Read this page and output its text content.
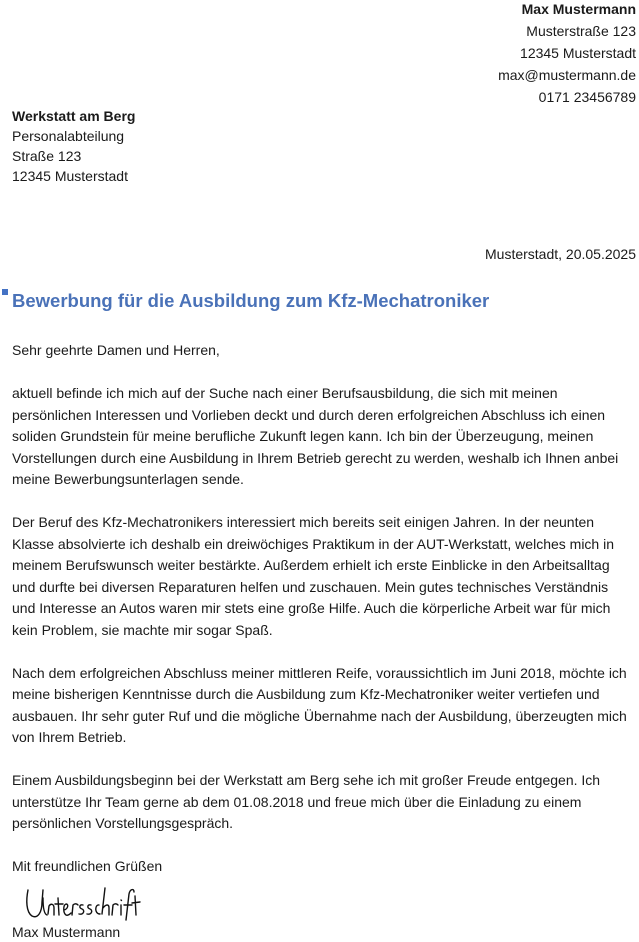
Max Mustermann
Musterstraße 123
12345 Musterstadt
max@mustermann.de
0171 23456789
Werkstatt am Berg
Personalabteilung
Straße 123
12345 Musterstadt
Musterstadt, 20.05.2025
Bewerbung für die Ausbildung zum Kfz-Mechatroniker

Sehr geehrte Damen und Herren,

aktuell befinde ich mich auf der Suche nach einer Berufsausbildung, die sich mit meinen persönlichen Interessen und Vorlieben deckt und durch deren erfolgreichen Abschluss ich einen soliden Grundstein für meine berufliche Zukunft legen kann. Ich bin der Überzeugung, meinen Vorstellungen durch eine Ausbildung in Ihrem Betrieb gerecht zu werden, weshalb ich Ihnen anbei meine Bewerbungsunterlagen sende.

Der Beruf des Kfz-Mechatronikers interessiert mich bereits seit einigen Jahren. In der neunten Klasse absolvierte ich deshalb ein dreiwöchiges Praktikum in der AUT-Werkstatt, welches mich in meinem Berufswunsch weiter bestärkte. Außerdem erhielt ich erste Einblicke in den Arbeitsalltag und durfte bei diversen Reparaturen helfen und zuschauen. Mein gutes technisches Verständnis und Interesse an Autos waren mir stets eine große Hilfe. Auch die körperliche Arbeit war für mich kein Problem, sie machte mir sogar Spaß.

Nach dem erfolgreichen Abschluss meiner mittleren Reife, voraussichtlich im Juni 2018, möchte ich meine bisherigen Kenntnisse durch die Ausbildung zum Kfz-Mechatroniker weiter vertiefen und ausbauen. Ihr sehr guter Ruf und die mögliche Übernahme nach der Ausbildung, überzeugten mich von Ihrem Betrieb.

Einem Ausbildungsbeginn bei der Werkstatt am Berg sehe ich mit großer Freude entgegen. Ich unterstütze Ihr Team gerne ab dem 01.08.2018 und freue mich über die Einladung zu einem persönlichen Vorstellungsgespräch.

Mit freundlichen Grüßen

Max Mustermann
